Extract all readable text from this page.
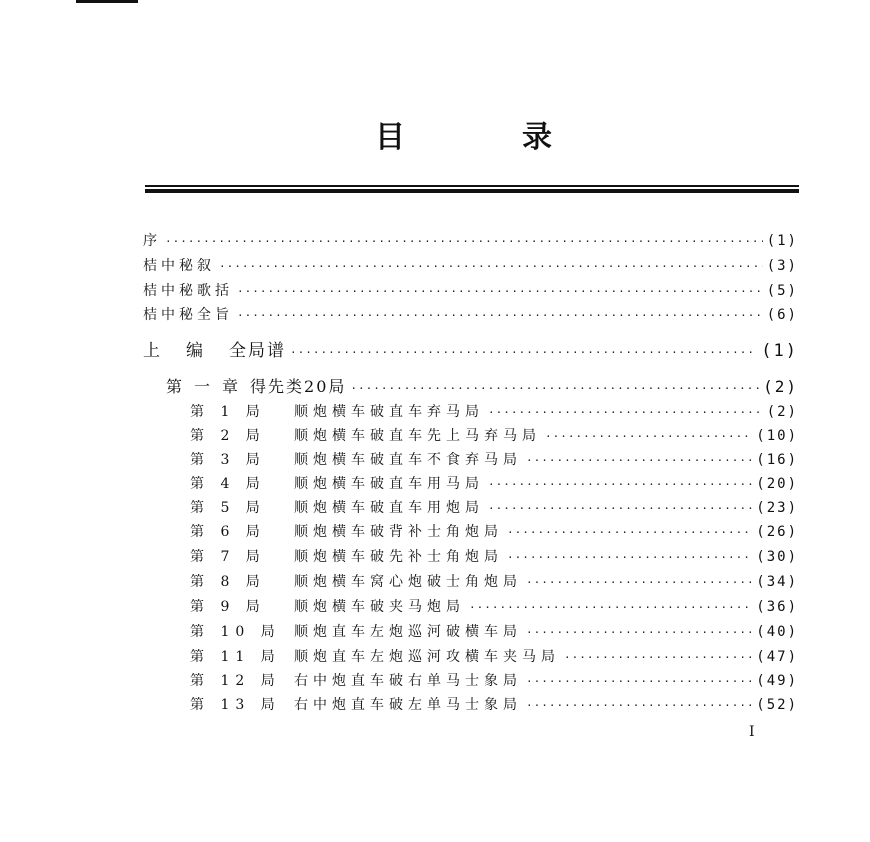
目	录
序 ·····	(1)
桔中秘叙 ·····	(3)
桔中秘歌括 ·····	(5)
桔中秘全旨 ·····	(6)
上编 全局谱 ·····	(1)
第一章 得先类20局 ·····	(2)
第 1 局	顺炮横车破直车弃马局 ·····	(2)
第 2 局	顺炮横车破直车先上马弃马局 ·····	(10)
第 3 局	顺炮横车破直车不食弃马局 ·····	(16)
第 4 局	顺炮横车破直车用马局 ·····	(20)
第 5 局	顺炮横车破直车用炮局 ·····	(23)
第 6 局	顺炮横车破背补士角炮局 ·····	(26)
第 7 局	顺炮横车破先补士角炮局 ·····	(30)
第 8 局	顺炮横车窝心炮破士角炮局 ·····	(34)
第 9 局	顺炮横车破夹马炮局 ·····	(36)
第 10 局 顺炮直车左炮巡河破横车局 ·····	(40)
第 11 局 顺炮直车左炮巡河攻横车夹马局 ·····	(47)
第 12 局 右中炮直车破右单马士象局 ·····	(49)
第 13 局 右中炮直车破左单马士象局 ·····	(52)
I
